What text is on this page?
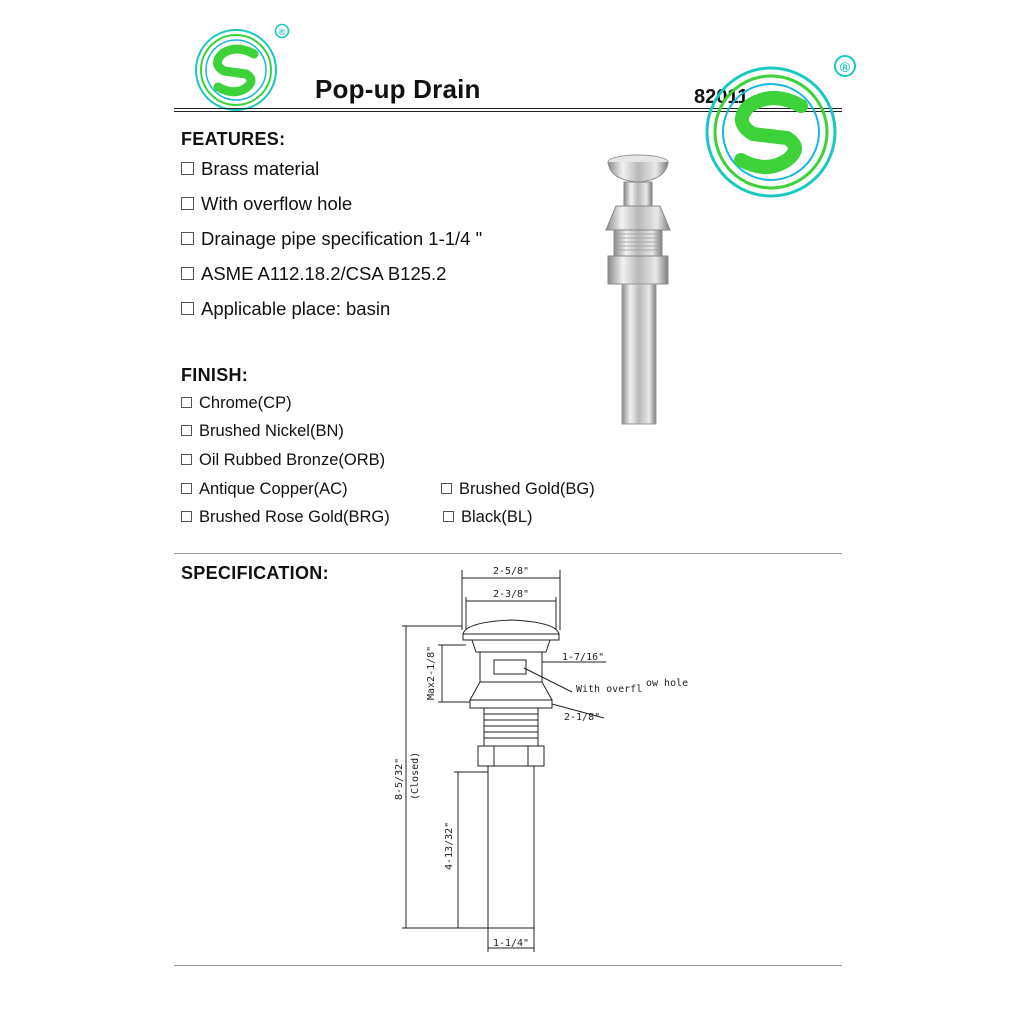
®
Pop-up Drain	82011
®
FEATURES:
Brass material
With overflow hole
Drainage pipe specification 1-1/4 "
ASME A112.18.2/CSA B125.2
Applicable place: basin
FINISH:
Chrome(CP)
Brushed Nickel(BN)
Oil Rubbed Bronze(ORB)
Antique Copper(AC)	Brushed Gold(BG)
Brushed Rose Gold(BRG)	Black(BL)
SPECIFICATION:	2-5/8"
2-3/8"
1-7/16"
With overfl
ow hole
2-1/8"
Max2-1/8"
8-5/32" (Closed)
4-13/32"
1-1/4"
